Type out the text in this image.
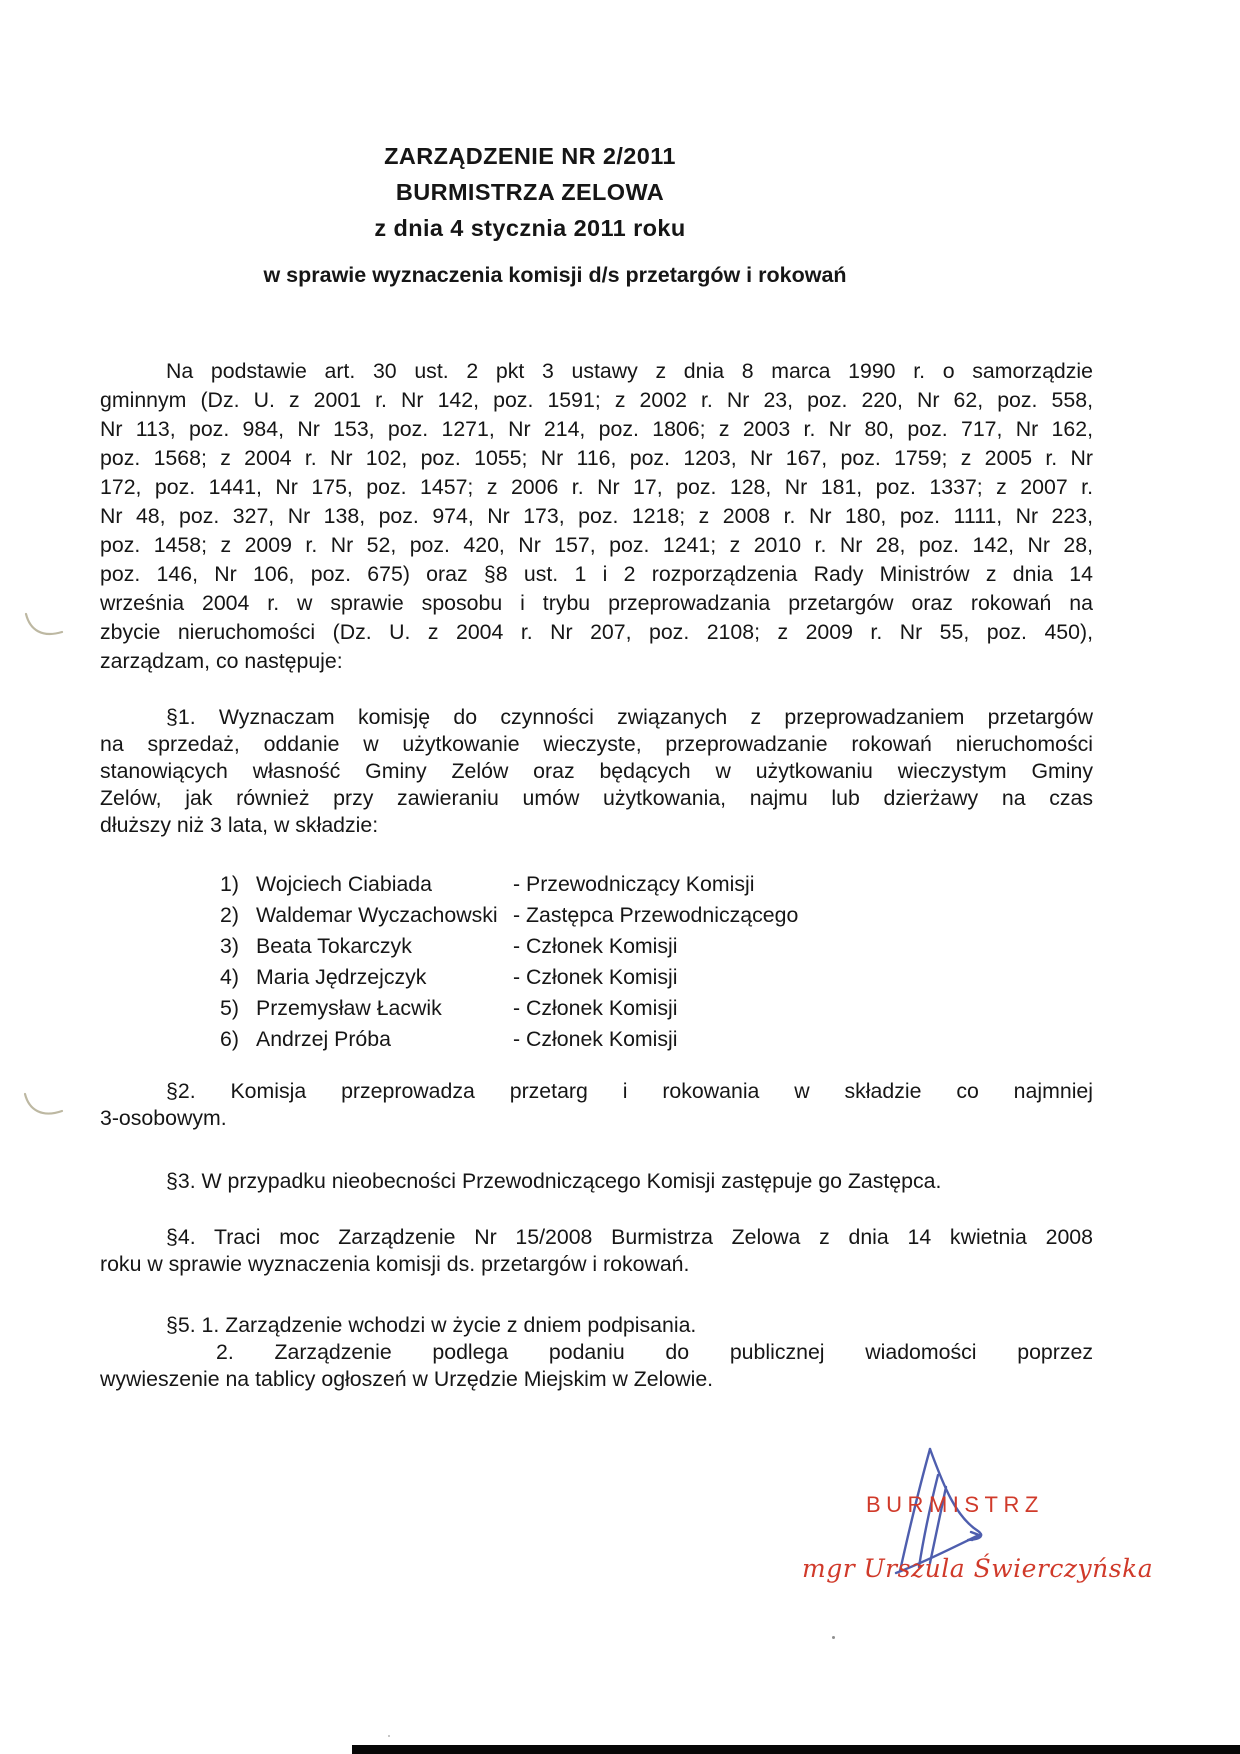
ZARZĄDZENIE NR 2/2011
BURMISTRZA ZELOWA
z dnia 4 stycznia 2011 roku
w sprawie wyznaczenia komisji d/s przetargów i rokowań
Na podstawie art. 30 ust. 2 pkt 3 ustawy z dnia 8 marca 1990 r. o samorządzie
gminnym (Dz. U. z 2001 r. Nr 142, poz. 1591; z 2002 r. Nr 23, poz. 220, Nr 62, poz. 558,
Nr 113, poz. 984, Nr 153, poz. 1271, Nr 214, poz. 1806; z 2003 r. Nr 80, poz. 717, Nr 162,
poz. 1568; z 2004 r. Nr 102, poz. 1055; Nr 116, poz. 1203, Nr 167, poz. 1759; z 2005 r. Nr
172, poz. 1441, Nr 175, poz. 1457; z 2006 r. Nr 17, poz. 128, Nr 181, poz. 1337; z 2007 r.
Nr 48, poz. 327, Nr 138, poz. 974, Nr 173, poz. 1218; z 2008 r. Nr 180, poz. 1111, Nr 223,
poz. 1458; z 2009 r. Nr 52, poz. 420, Nr 157, poz. 1241; z 2010 r. Nr 28, poz. 142, Nr 28,
poz. 146, Nr 106, poz. 675) oraz §8 ust. 1 i 2 rozporządzenia Rady Ministrów z dnia 14
września 2004 r. w sprawie sposobu i trybu przeprowadzania przetargów oraz rokowań na
zbycie nieruchomości (Dz. U. z 2004 r. Nr 207, poz. 2108; z 2009 r. Nr 55, poz. 450),
zarządzam, co następuje:
§1. Wyznaczam komisję do czynności związanych z przeprowadzaniem przetargów
na sprzedaż, oddanie w użytkowanie wieczyste, przeprowadzanie rokowań nieruchomości
stanowiących własność Gminy Zelów oraz będących w użytkowaniu wieczystym Gminy
Zelów, jak również przy zawieraniu umów użytkowania, najmu lub dzierżawy na czas
dłuższy niż 3 lata, w składzie:
1) Wojciech Ciabiada	- Przewodniczący Komisji
2) Waldemar Wyczachowski - Zastępca Przewodniczącego
3) Beata Tokarczyk	- Członek Komisji
4) Maria Jędrzejczyk	- Członek Komisji
5) Przemysław Łacwik	- Członek Komisji
6) Andrzej Próba	- Członek Komisji
§2. Komisja przeprowadza przetarg i rokowania w składzie co najmniej
3-osobowym.
§3. W przypadku nieobecności Przewodniczącego Komisji zastępuje go Zastępca.
§4. Traci moc Zarządzenie Nr 15/2008 Burmistrza Zelowa z dnia 14 kwietnia 2008
roku w sprawie wyznaczenia komisji ds. przetargów i rokowań.
§5. 1. Zarządzenie wchodzi w życie z dniem podpisania.
2. Zarządzenie podlega podaniu do publicznej wiadomości poprzez
wywieszenie na tablicy ogłoszeń w Urzędzie Miejskim w Zelowie.
BURMISTRZ
mgr Urszula Świerczyńska
